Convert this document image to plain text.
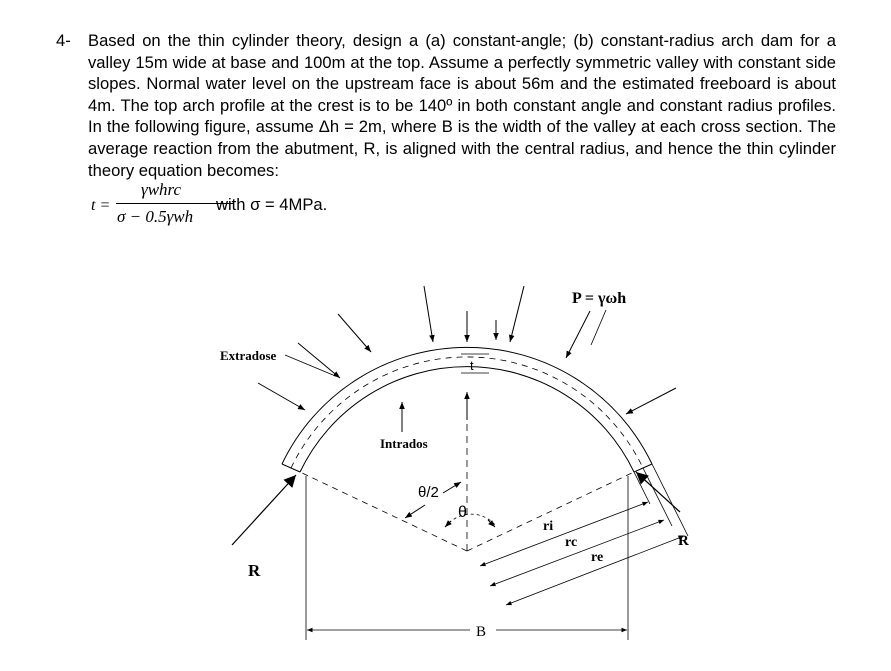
4- Based on the thin cylinder theory, design a (a) constant-angle; (b) constant-radius arch dam for a valley 15m wide at base and 100m at the top. Assume a perfectly symmetric valley with constant side slopes. Normal water level on the upstream face is about 56m and the estimated freeboard is about 4m. The top arch profile at the crest is to be 140º in both constant angle and constant radius profiles. In the following figure, assume Δh = 2m, where B is the width of the valley at each cross section. The average reaction from the abutment, R, is aligned with the central radius, and hence the thin cylinder theory equation becomes:
t =
γwhrc
σ − 0.5γwh
with σ = 4MPa.
Extradose
Intrados
P = γωh
t
θ/2
θ
ri
rc
re
R
R
B
